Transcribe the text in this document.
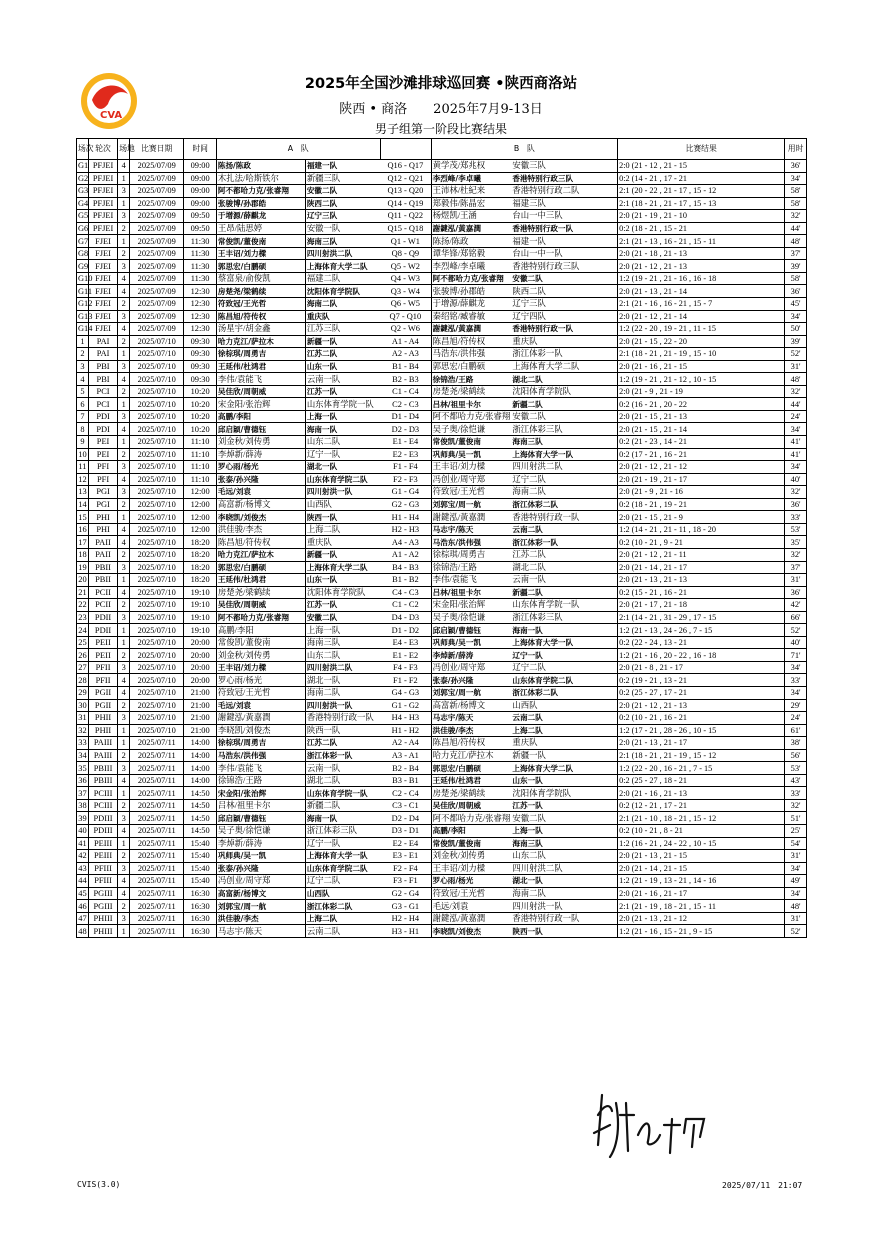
CVA
2025年全国沙滩排球巡回赛 •陕西商洛站
陕西 • 商洛　　2025年7月9-13日
男子组第一阶段比赛结果
场次	轮次	场地	比赛日期	时间	A　队			B　队		比赛结果	用时
G1	PFJEI	4	2025/07/09	09:00	陈扬/陈政	福建一队	Q16 - Q17	黄学茂/郑兆权	安徽三队	2:0 (21 - 12 , 21 - 15	36'
G2	PFJEI	1	2025/07/09	09:00	木扎法/哈斯铁尔	新疆三队	Q12 - Q21	李烈峰/李卓曦	香港特别行政三队	0:2 (14 - 21 , 17 - 21	34'
G3	PFJEI	3	2025/07/09	09:00	阿不都哈力克/张睿翔	安徽二队	Q13 - Q20	王沛林/杜紀来	香港特别行政二队	2:1 (20 - 22 , 21 - 17 , 15 - 12	58'
G4	PFJEI	1	2025/07/09	09:00	张骏博/孙郡皓	陕西二队	Q14 - Q19	郑毅伟/陈晶宏	福建三队	2:1 (18 - 21 , 21 - 17 , 15 - 13	58'
G5	PFJEI	3	2025/07/09	09:50	于增源/薛麒龙	辽宁三队	Q11 - Q22	杨煜凯/王涵	台山一中三队	2:0 (21 - 19 , 21 - 10	32'
G6	PFJEI	2	2025/07/09	09:50	王昂/陆思婷	安徽一队	Q15 - Q18	謝鍵泓/黃嘉潤	香港特别行政一队	0:2 (18 - 21 , 15 - 21	44'
G7	FJEI	1	2025/07/09	11:30	常俊凯/董俊南	海南三队	Q1 - W1	陈扬/陈政	福建一队	2:1 (21 - 13 , 16 - 21 , 15 - 11	48'
G8	FJEI	2	2025/07/09	11:30	王丰诏/刘力樑	四川射洪二队	Q8 - Q9	谭华锋/郑铭毅	台山一中一队	2:0 (21 - 18 , 21 - 13	37'
G9	FJEI	3	2025/07/09	11:30	郭思宏/白鹏硕	上海体育大学二队	Q5 - W2	李烈峰/李卓曦	香港特别行政三队	2:0 (21 - 12 , 21 - 13	39'
G10	FJEI	4	2025/07/09	11:30	蔡富泉/俞俊凯	福建二队	Q4 - W3	阿不都哈力克/张睿翔	安徽二队	1:2 (19 - 21 , 21 - 16 , 16 - 18	58'
G11	FJEI	4	2025/07/09	12:30	房楚尧/梁鹤续	沈阳体育学院队	Q3 - W4	张骏博/孙郡皓	陕西二队	2:0 (21 - 13 , 21 - 14	36'
G12	FJEI	2	2025/07/09	12:30	符致冠/王光哲	海南二队	Q6 - W5	于增源/薛麒龙	辽宁三队	2:1 (21 - 16 , 16 - 21 , 15 - 7	45'
G13	FJEI	3	2025/07/09	12:30	陈昌旭/符传权	重庆队	Q7 - Q10	秦绍铭/臧睿敏	辽宁四队	2:0 (21 - 12 , 21 - 14	34'
G14	FJEI	4	2025/07/09	12:30	汤星宇/胡金鑫	江苏三队	Q2 - W6	謝鍵泓/黃嘉潤	香港特别行政一队	1:2 (22 - 20 , 19 - 21 , 11 - 15	50'
1	PAI	2	2025/07/10	09:30	哈力克江/萨拉木	新疆一队	A1 - A4	陈昌旭/符传权	重庆队	2:0 (21 - 15 , 22 - 20	39'
2	PAI	1	2025/07/10	09:30	徐棕琪/周勇吉	江苏二队	A2 - A3	马浩东/洪伟强	浙江体彩一队	2:1 (18 - 21 , 21 - 19 , 15 - 10	52'
3	PBI	3	2025/07/10	09:30	王延伟/杜鸿君	山东一队	B1 - B4	郭思宏/白鹏硕	上海体育大学二队	2:0 (21 - 16 , 21 - 15	31'
4	PBI	4	2025/07/10	09:30	李伟/袁能飞	云南一队	B2 - B3	徐锦浩/王路	湖北二队	1:2 (19 - 21 , 21 - 12 , 10 - 15	48'
5	PCI	2	2025/07/10	10:20	吴佳欣/周朝威	江苏一队	C1 - C4	房楚尧/梁鹤续	沈阳体育学院队	2:0 (21 - 9 , 21 - 19	32'
6	PCI	1	2025/07/10	10:20	宋金阳/张治辉	山东体育学院一队	C2 - C3	吕林/祖里卡尔	新疆二队	0:2 (16 - 21 , 20 - 22	44'
7	PDI	3	2025/07/10	10:20	高鹏/李阳	上海一队	D1 - D4	阿不都哈力克/张睿翔	安徽二队	2:0 (21 - 15 , 21 - 13	24'
8	PDI	4	2025/07/10	10:20	邱启颖/曹德钰	海南一队	D2 - D3	吴子奥/徐恺谦	浙江体彩三队	2:0 (21 - 15 , 21 - 14	34'
9	PEI	1	2025/07/10	11:10	刘金秋/刘传勇	山东二队	E1 - E4	常俊凯/董俊南	海南三队	0:2 (21 - 23 , 14 - 21	41'
10	PEI	2	2025/07/10	11:10	李焯新/薛涛	辽宁一队	E2 - E3	巩师典/吴一凯	上海体育大学一队	0:2 (17 - 21 , 16 - 21	41'
11	PFI	3	2025/07/10	11:10	罗心雨/杨光	湖北一队	F1 - F4	王丰诏/刘力樑	四川射洪二队	2:0 (21 - 12 , 21 - 12	34'
12	PFI	4	2025/07/10	11:10	张泰/孙兴隆	山东体育学院二队	F2 - F3	冯创业/周守郑	辽宁二队	2:0 (21 - 19 , 21 - 17	40'
13	PGI	3	2025/07/10	12:00	毛远/刘袁	四川射洪一队	G1 - G4	符致冠/王光哲	海南二队	2:0 (21 - 9 , 21 - 16	32'
14	PGI	2	2025/07/10	12:00	高富新/杨博文	山西队	G2 - G3	刘郭宝/周一航	浙江体彩二队	0:2 (18 - 21 , 19 - 21	36'
15	PHI	1	2025/07/10	12:00	李晓凯/刘俊杰	陕西一队	H1 - H4	謝鍵泓/黃嘉潤	香港特别行政一队	2:0 (21 - 15 , 21 - 9	33'
16	PHI	4	2025/07/10	12:00	洪佳骏/李杰	上海二队	H2 - H3	马志宇/陈天	云南二队	1:2 (14 - 21 , 21 - 11 , 18 - 20	53'
17	PAII	4	2025/07/10	18:20	陈昌旭/符传权	重庆队	A4 - A3	马浩东/洪伟强	浙江体彩一队	0:2 (10 - 21 , 9 - 21	35'
18	PAII	2	2025/07/10	18:20	哈力克江/萨拉木	新疆一队	A1 - A2	徐棕琪/周勇吉	江苏二队	2:0 (21 - 12 , 21 - 11	32'
19	PBII	3	2025/07/10	18:20	郭思宏/白鹏硕	上海体育大学二队	B4 - B3	徐锦浩/王路	湖北二队	2:0 (21 - 14 , 21 - 17	37'
20	PBII	1	2025/07/10	18:20	王延伟/杜鸿君	山东一队	B1 - B2	李伟/袁能飞	云南一队	2:0 (21 - 13 , 21 - 13	31'
21	PCII	4	2025/07/10	19:10	房楚尧/梁鹤续	沈阳体育学院队	C4 - C3	吕林/祖里卡尔	新疆二队	0:2 (15 - 21 , 16 - 21	36'
22	PCII	2	2025/07/10	19:10	吴佳欣/周朝威	江苏一队	C1 - C2	宋金阳/张治辉	山东体育学院一队	2:0 (21 - 17 , 21 - 18	42'
23	PDII	3	2025/07/10	19:10	阿不都哈力克/张睿翔	安徽二队	D4 - D3	吴子奥/徐恺谦	浙江体彩三队	2:1 (14 - 21 , 31 - 29 , 17 - 15	66'
24	PDII	1	2025/07/10	19:10	高鹏/李阳	上海一队	D1 - D2	邱启颖/曹德钰	海南一队	1:2 (21 - 13 , 24 - 26 , 7 - 15	52'
25	PEII	1	2025/07/10	20:00	常俊凯/董俊南	海南三队	E4 - E3	巩师典/吴一凯	上海体育大学一队	0:2 (22 - 24 , 13 - 21	40'
26	PEII	2	2025/07/10	20:00	刘金秋/刘传勇	山东二队	E1 - E2	李焯新/薛涛	辽宁一队	1:2 (21 - 16 , 20 - 22 , 16 - 18	71'
27	PFII	3	2025/07/10	20:00	王丰诏/刘力樑	四川射洪二队	F4 - F3	冯创业/周守郑	辽宁二队	2:0 (21 - 8 , 21 - 17	34'
28	PFII	4	2025/07/10	20:00	罗心雨/杨光	湖北一队	F1 - F2	张泰/孙兴隆	山东体育学院二队	0:2 (19 - 21 , 13 - 21	33'
29	PGII	4	2025/07/10	21:00	符致冠/王光哲	海南二队	G4 - G3	刘郭宝/周一航	浙江体彩二队	0:2 (25 - 27 , 17 - 21	34'
30	PGII	2	2025/07/10	21:00	毛远/刘袁	四川射洪一队	G1 - G2	高富新/杨博文	山西队	2:0 (21 - 12 , 21 - 13	29'
31	PHII	3	2025/07/10	21:00	謝鍵泓/黃嘉潤	香港特别行政一队	H4 - H3	马志宇/陈天	云南二队	0:2 (10 - 21 , 16 - 21	24'
32	PHII	1	2025/07/10	21:00	李晓凯/刘俊杰	陕西一队	H1 - H2	洪佳骏/李杰	上海二队	1:2 (17 - 21 , 28 - 26 , 10 - 15	61'
33	PAIII	1	2025/07/11	14:00	徐棕琪/周勇吉	江苏二队	A2 - A4	陈昌旭/符传权	重庆队	2:0 (21 - 13 , 21 - 17	38'
34	PAIII	2	2025/07/11	14:00	马浩东/洪伟强	浙江体彩一队	A3 - A1	哈力克江/萨拉木	新疆一队	2:1 (18 - 21 , 21 - 19 , 15 - 12	56'
35	PBIII	3	2025/07/11	14:00	李伟/袁能飞	云南一队	B2 - B4	郭思宏/白鹏硕	上海体育大学二队	1:2 (22 - 20 , 16 - 21 , 7 - 15	53'
36	PBIII	4	2025/07/11	14:00	徐锦浩/王路	湖北二队	B3 - B1	王延伟/杜鸿君	山东一队	0:2 (25 - 27 , 18 - 21	43'
37	PCIII	1	2025/07/11	14:50	宋金阳/张治辉	山东体育学院一队	C2 - C4	房楚尧/梁鹤续	沈阳体育学院队	2:0 (21 - 16 , 21 - 13	33'
38	PCIII	2	2025/07/11	14:50	吕林/祖里卡尔	新疆二队	C3 - C1	吴佳欣/周朝威	江苏一队	0:2 (12 - 21 , 17 - 21	32'
39	PDIII	3	2025/07/11	14:50	邱启颖/曹德钰	海南一队	D2 - D4	阿不都哈力克/张睿翔	安徽二队	2:1 (21 - 10 , 18 - 21 , 15 - 12	51'
40	PDIII	4	2025/07/11	14:50	吴子奥/徐恺谦	浙江体彩三队	D3 - D1	高鹏/李阳	上海一队	0:2 (10 - 21 , 8 - 21	25'
41	PEIII	1	2025/07/11	15:40	李焯新/薛涛	辽宁一队	E2 - E4	常俊凯/董俊南	海南三队	1:2 (16 - 21 , 24 - 22 , 10 - 15	54'
42	PEIII	2	2025/07/11	15:40	巩师典/吴一凯	上海体育大学一队	E3 - E1	刘金秋/刘传勇	山东二队	2:0 (21 - 13 , 21 - 15	31'
43	PFIII	3	2025/07/11	15:40	张泰/孙兴隆	山东体育学院二队	F2 - F4	王丰诏/刘力樑	四川射洪二队	2:0 (21 - 14 , 21 - 15	34'
44	PFIII	4	2025/07/11	15:40	冯创业/周守郑	辽宁二队	F3 - F1	罗心雨/杨光	湖北一队	1:2 (21 - 19 , 13 - 21 , 14 - 16	49'
45	PGIII	4	2025/07/11	16:30	高富新/杨博文	山西队	G2 - G4	符致冠/王光哲	海南二队	2:0 (21 - 16 , 21 - 17	34'
46	PGIII	2	2025/07/11	16:30	刘郭宝/周一航	浙江体彩二队	G3 - G1	毛远/刘袁	四川射洪一队	2:1 (21 - 19 , 18 - 21 , 15 - 11	48'
47	PHIII	3	2025/07/11	16:30	洪佳骏/李杰	上海二队	H2 - H4	謝鍵泓/黃嘉潤	香港特别行政一队	2:0 (21 - 13 , 21 - 12	31'
48	PHIII	1	2025/07/11	16:30	马志宇/陈天	云南二队	H3 - H1	李晓凯/刘俊杰	陕西一队	1:2 (21 - 16 , 15 - 21 , 9 - 15	52'
CVIS(3.0)	2025/07/11　21:07
